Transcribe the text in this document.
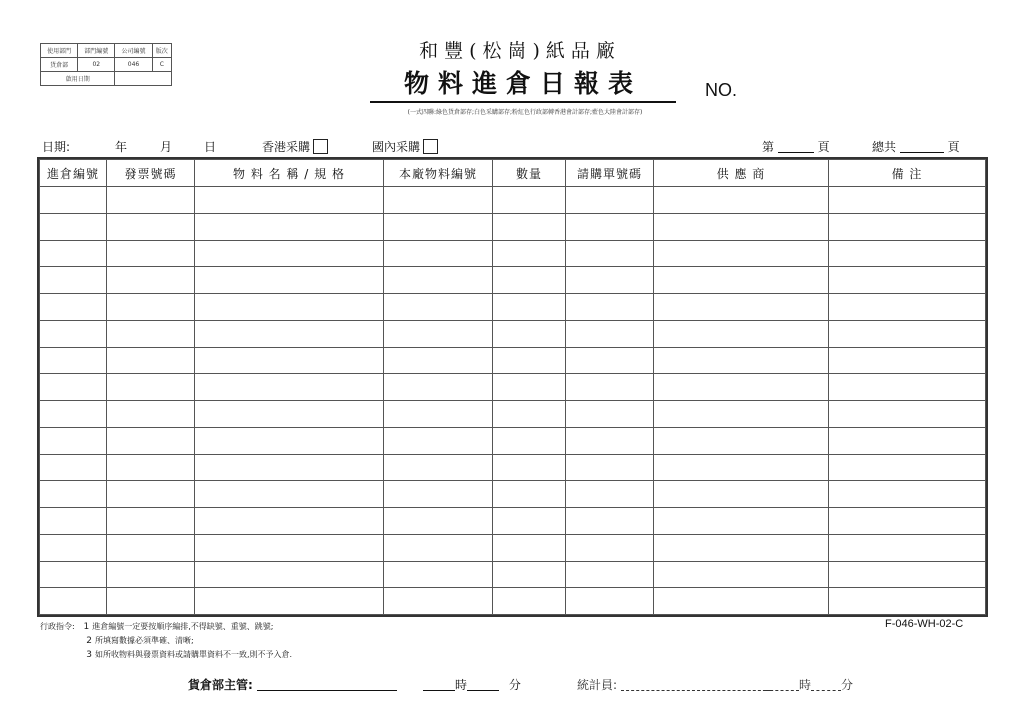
使用部門	部門編號	公司編號	版次
貨倉部	02	046	C
啟用日期			
和豐(松崗)紙品廠
物料進倉日報表	NO.
(一式四聯:綠色貨倉部存;白色采購部存;粉紅色行政部轉香港會計部存;藍色大陸會計部存)
日期:	年	月	日	香港采購	國內采購	第	頁	總共	頁
進倉編號	發票號碼	物 料 名 稱 / 規 格	本廠物料編號	數量	請購單號碼	供 應 商	備 注

行政指令: 1 進倉編號一定要按順序編排,不得缺號、重號、跳號;
2 所填寫數據必須準確、清晰;
3 如所收物料與發票資料或請購單資料不一致,則不予入倉.
F-046-WH-02-C
貨倉部主管:	時	分	統計員:	時	分
